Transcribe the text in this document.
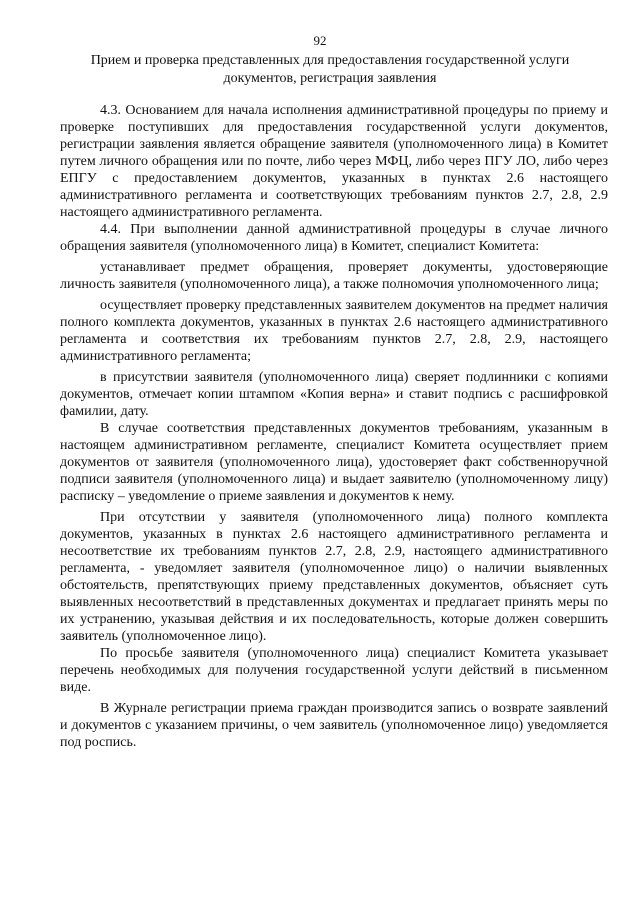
92
Прием и проверка представленных для предоставления государственной услуги
документов, регистрация заявления

4.3. Основанием для начала исполнения административной процедуры по приему и проверке поступивших для предоставления государственной услуги документов, регистрации заявления является обращение заявителя (уполномоченного лица) в Комитет путем личного обращения или по почте, либо через МФЦ, либо через ПГУ ЛО, либо через ЕПГУ с предоставлением документов, указанных в пунктах 2.6 настоящего административного регламента и соответствующих требованиям пунктов 2.7, 2.8, 2.9 настоящего административного регламента.

4.4. При выполнении данной административной процедуры в случае личного обращения заявителя (уполномоченного лица) в Комитет, специалист Комитета:

устанавливает предмет обращения, проверяет документы, удостоверяющие личность заявителя (уполномоченного лица), а также полномочия уполномоченного лица;

осуществляет проверку представленных заявителем документов на предмет наличия полного комплекта документов, указанных в пунктах 2.6 настоящего административного регламента и соответствия их требованиям пунктов 2.7, 2.8, 2.9, настоящего административного регламента;

в присутствии заявителя (уполномоченного лица) сверяет подлинники с копиями документов, отмечает копии штампом «Копия верна» и ставит подпись с расшифровкой фамилии, дату.

В случае соответствия представленных документов требованиям, указанным в настоящем административном регламенте, специалист Комитета осуществляет прием документов от заявителя (уполномоченного лица), удостоверяет факт собственноручной подписи заявителя (уполномоченного лица) и выдает заявителю (уполномоченному лицу) расписку – уведомление о приеме заявления и документов к нему.

При отсутствии у заявителя (уполномоченного лица) полного комплекта документов, указанных в пунктах 2.6 настоящего административного регламента и несоответствие их требованиям пунктов 2.7, 2.8, 2.9, настоящего административного регламента, - уведомляет заявителя (уполномоченное лицо) о наличии выявленных обстоятельств, препятствующих приему представленных документов, объясняет суть выявленных несоответствий в представленных документах и предлагает принять меры по их устранению, указывая действия и их последовательность, которые должен совершить заявитель (уполномоченное лицо).

По просьбе заявителя (уполномоченного лица) специалист Комитета указывает перечень необходимых для получения государственной услуги действий в письменном виде.

В Журнале регистрации приема граждан производится запись о возврате заявлений и документов с указанием причины, о чем заявитель (уполномоченное лицо) уведомляется под роспись.
